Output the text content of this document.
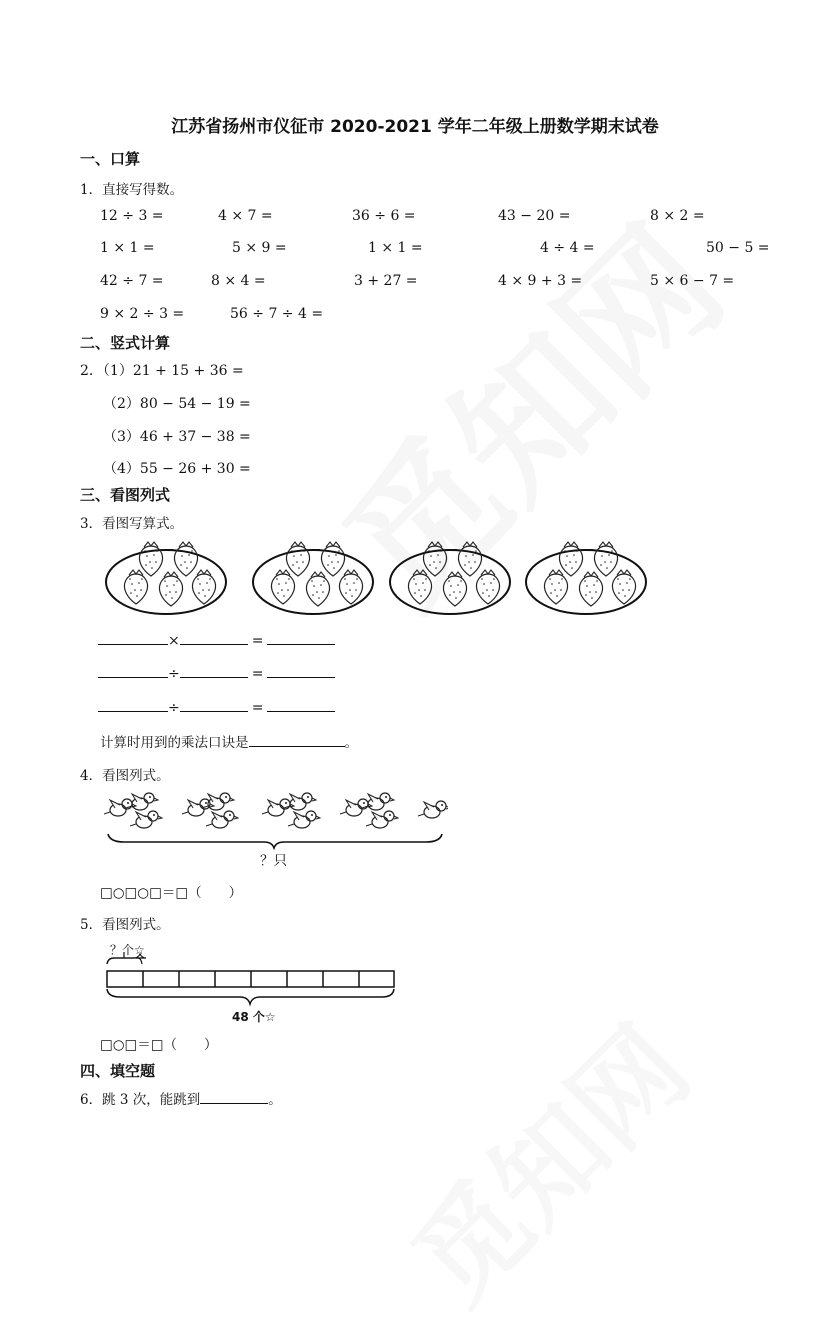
江苏省扬州市仪征市 2020-2021 学年二年级上册数学期末试卷
一、口算
1．直接写得数。
12 ÷ 3 =	4 × 7 =	36 ÷ 6 =	43 − 20 =	8 × 2 =
1 × 1 =	5 × 9 =	1 × 1 =	4 ÷ 4 =	50 − 5 =
42 ÷ 7 =	8 × 4 =	3 + 27 =	4 × 9 + 3 =	5 × 6 − 7 =
9 × 2 ÷ 3 =	56 ÷ 7 ÷ 4 =
二、竖式计算
2．（1）21 + 15 + 36 =
（2）80 − 54 − 19 =
（3）46 + 37 − 38 =
（4）55 − 26 + 30 =
三、看图列式
3．看图写算式。
×	=
÷	=
÷	=
计算时用到的乘法口诀是	。
4．看图列式。
？只
□○□○□＝□（　　）
5．看图列式。
？个☆
48 个☆
□○□＝□（　　）
四、填空题
6．跳 3 次，能跳到	。
